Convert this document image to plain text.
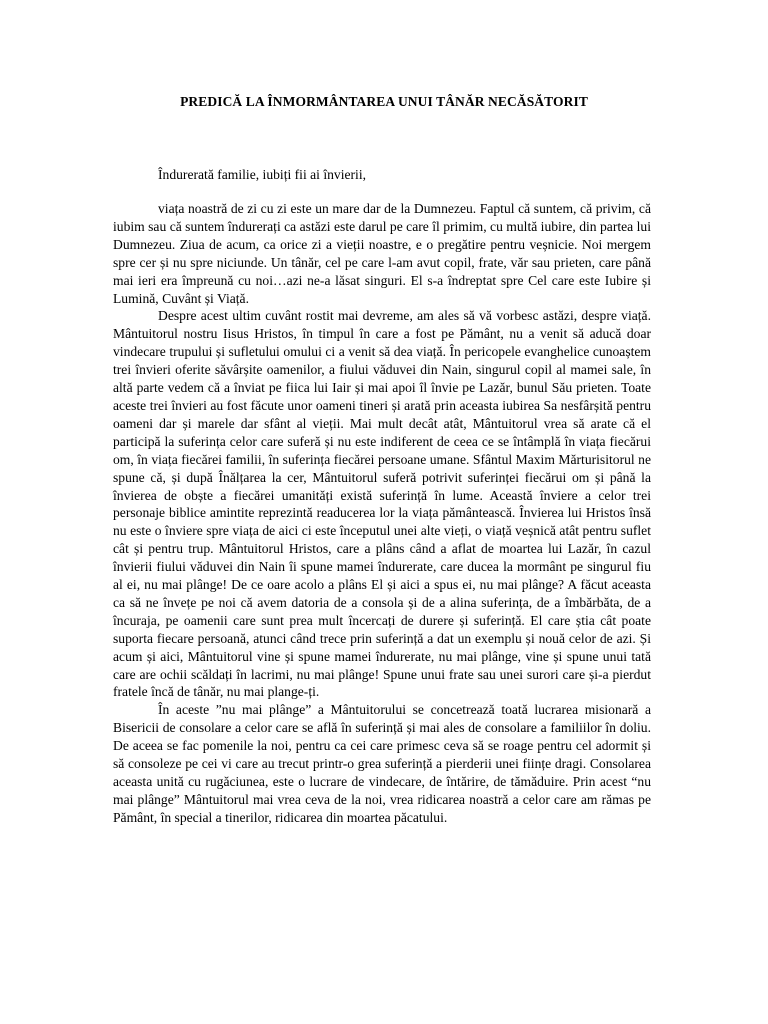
PREDICĂ LA ÎNMORMÂNTAREA UNUI TÂNĂR NECĂSĂTORIT

Îndurerată familie, iubiți fii ai învierii,

viața noastră de zi cu zi este un mare dar de la Dumnezeu. Faptul că suntem, că privim, că iubim sau că suntem îndurerați ca astăzi este darul pe care îl primim, cu multă iubire, din partea lui Dumnezeu. Ziua de acum, ca orice zi a vieții noastre, e o pregătire pentru veșnicie. Noi mergem spre cer și nu spre niciunde. Un tânăr, cel pe care l-am avut copil, frate, văr sau prieten, care până mai ieri era împreună cu noi…azi ne-a lăsat singuri. El s-a îndreptat spre Cel care este Iubire și Lumină, Cuvânt și Viață.

Despre acest ultim cuvânt rostit mai devreme, am ales să vă vorbesc astăzi, despre viață. Mântuitorul nostru Iisus Hristos, în timpul în care a fost pe Pământ, nu a venit să aducă doar vindecare trupului și sufletului omului ci a venit să dea viață. În pericopele evanghelice cunoaștem trei învieri oferite săvârșite oamenilor, a fiului văduvei din Nain, singurul copil al mamei sale, în altă parte vedem că a înviat pe fiica lui Iair și mai apoi îl învie pe Lazăr, bunul Său prieten. Toate aceste trei învieri au fost făcute unor oameni tineri și arată prin aceasta iubirea Sa nesfârșită pentru oameni dar și marele dar sfânt al vieții. Mai mult decât atât, Mântuitorul vrea să arate că el participă la suferința celor care suferă și nu este indiferent de ceea ce se întâmplă în viața fiecărui om, în viața fiecărei familii, în suferința fiecărei persoane umane. Sfântul Maxim Mărturisitorul ne spune că, și după Înălțarea la cer, Mântuitorul suferă potrivit suferinței fiecărui om și până la învierea de obște a fiecărei umanități există suferință în lume. Această înviere a celor trei personaje biblice amintite reprezintă readucerea lor la viața pământească. Învierea lui Hristos însă nu este o înviere spre viața de aici ci este începutul unei alte vieți, o viață veșnică atât pentru suflet cât și pentru trup. Mântuitorul Hristos, care a plâns când a aflat de moartea lui Lazăr, în cazul învierii fiului văduvei din Nain îi spune mamei îndurerate, care ducea la mormânt pe singurul fiu al ei, nu mai plânge! De ce oare acolo a plâns El și aici a spus ei, nu mai plânge? A făcut aceasta ca să ne învețe pe noi că avem datoria de a consola și de a alina suferința, de a îmbărbăta, de a încuraja, pe oamenii care sunt prea mult încercați de durere și suferință. El care știa cât poate suporta fiecare persoană, atunci când trece prin suferință a dat un exemplu și nouă celor de azi. Și acum și aici, Mântuitorul vine și spune mamei îndurerate, nu mai plânge, vine și spune unui tată care are ochii scăldați în lacrimi, nu mai plânge! Spune unui frate sau unei surori care și-a pierdut fratele încă de tânăr, nu mai plange-ți.

În aceste ”nu mai plânge” a Mântuitorului se concetrează toată lucrarea misionară a Bisericii de consolare a celor care se află în suferință și mai ales de consolare a familiilor în doliu. De aceea se fac pomenile la noi, pentru ca cei care primesc ceva să se roage pentru cel adormit și să consoleze pe cei vi care au trecut printr-o grea suferință a pierderii unei ființe dragi. Consolarea aceasta unită cu rugăciunea, este o lucrare de vindecare, de întărire, de tămăduire. Prin acest “nu mai plânge” Mântuitorul mai vrea ceva de la noi, vrea ridicarea noastră a celor care am rămas pe Pământ, în special a tinerilor, ridicarea din moartea păcatului.
